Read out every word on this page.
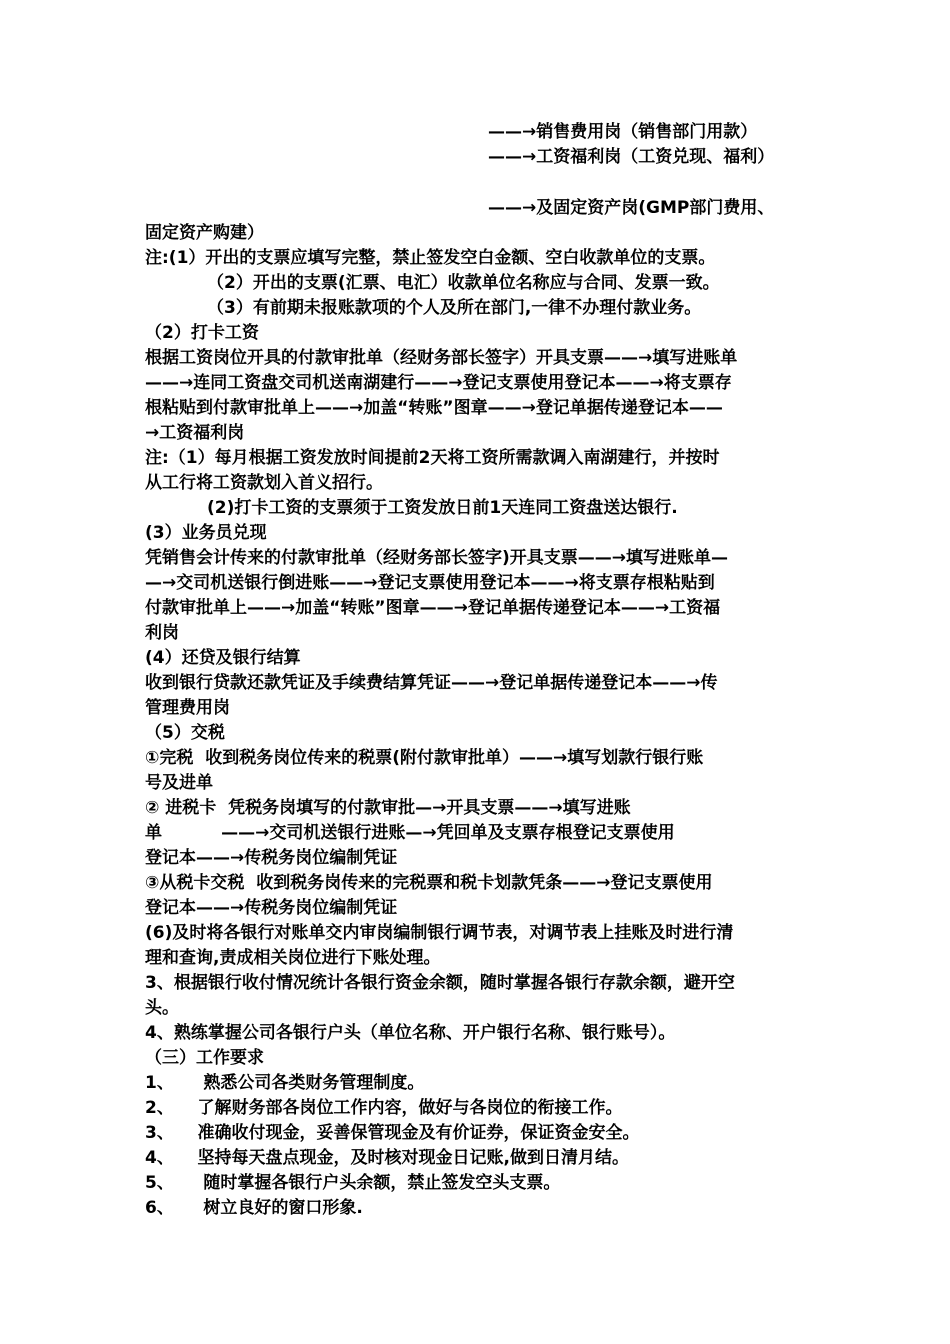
——→销售费用岗（销售部门用款）
——→工资福利岗（工资兑现、福利）
——→及固定资产岗(GMP部门费用、
固定资产购建）
注:(1）开出的支票应填写完整，禁止签发空白金额、空白收款单位的支票。
（2）开出的支票(汇票、电汇）收款单位名称应与合同、发票一致。
（3）有前期未报账款项的个人及所在部门,一律不办理付款业务。
（2）打卡工资
根据工资岗位开具的付款审批单（经财务部长签字）开具支票——→填写进账单
——→连同工资盘交司机送南湖建行——→登记支票使用登记本——→将支票存
根粘贴到付款审批单上——→加盖“转账”图章——→登记单据传递登记本——
→工资福利岗
注:（1）每月根据工资发放时间提前2天将工资所需款调入南湖建行，并按时
从工行将工资款划入首义招行。
(2)打卡工资的支票须于工资发放日前1天连同工资盘送达银行.
(3）业务员兑现
凭销售会计传来的付款审批单（经财务部长签字)开具支票——→填写进账单—
—→交司机送银行倒进账——→登记支票使用登记本——→将支票存根粘贴到
付款审批单上——→加盖“转账”图章——→登记单据传递登记本——→工资福
利岗
(4）还贷及银行结算
收到银行贷款还款凭证及手续费结算凭证——→登记单据传递登记本——→传
管理费用岗
（5）交税
①完税  收到税务岗位传来的税票(附付款审批单）——→填写划款行银行账
号及进单
② 进税卡  凭税务岗填写的付款审批—→开具支票——→填写进账
单          ——→交司机送银行进账—→凭回单及支票存根登记支票使用
登记本——→传税务岗位编制凭证
③从税卡交税  收到税务岗传来的完税票和税卡划款凭条——→登记支票使用
登记本——→传税务岗位编制凭证
(6)及时将各银行对账单交内审岗编制银行调节表，对调节表上挂账及时进行清
理和查询,责成相关岗位进行下账处理。
3、根据银行收付情况统计各银行资金余额，随时掌握各银行存款余额，避开空
头。
4、熟练掌握公司各银行户头（单位名称、开户银行名称、银行账号）。
（三）工作要求
1、     熟悉公司各类财务管理制度。
2、    了解财务部各岗位工作内容，做好与各岗位的衔接工作。
3、    准确收付现金，妥善保管现金及有价证券，保证资金安全。
4、    坚持每天盘点现金，及时核对现金日记账,做到日清月结。
5、     随时掌握各银行户头余额，禁止签发空头支票。
6、     树立良好的窗口形象.
